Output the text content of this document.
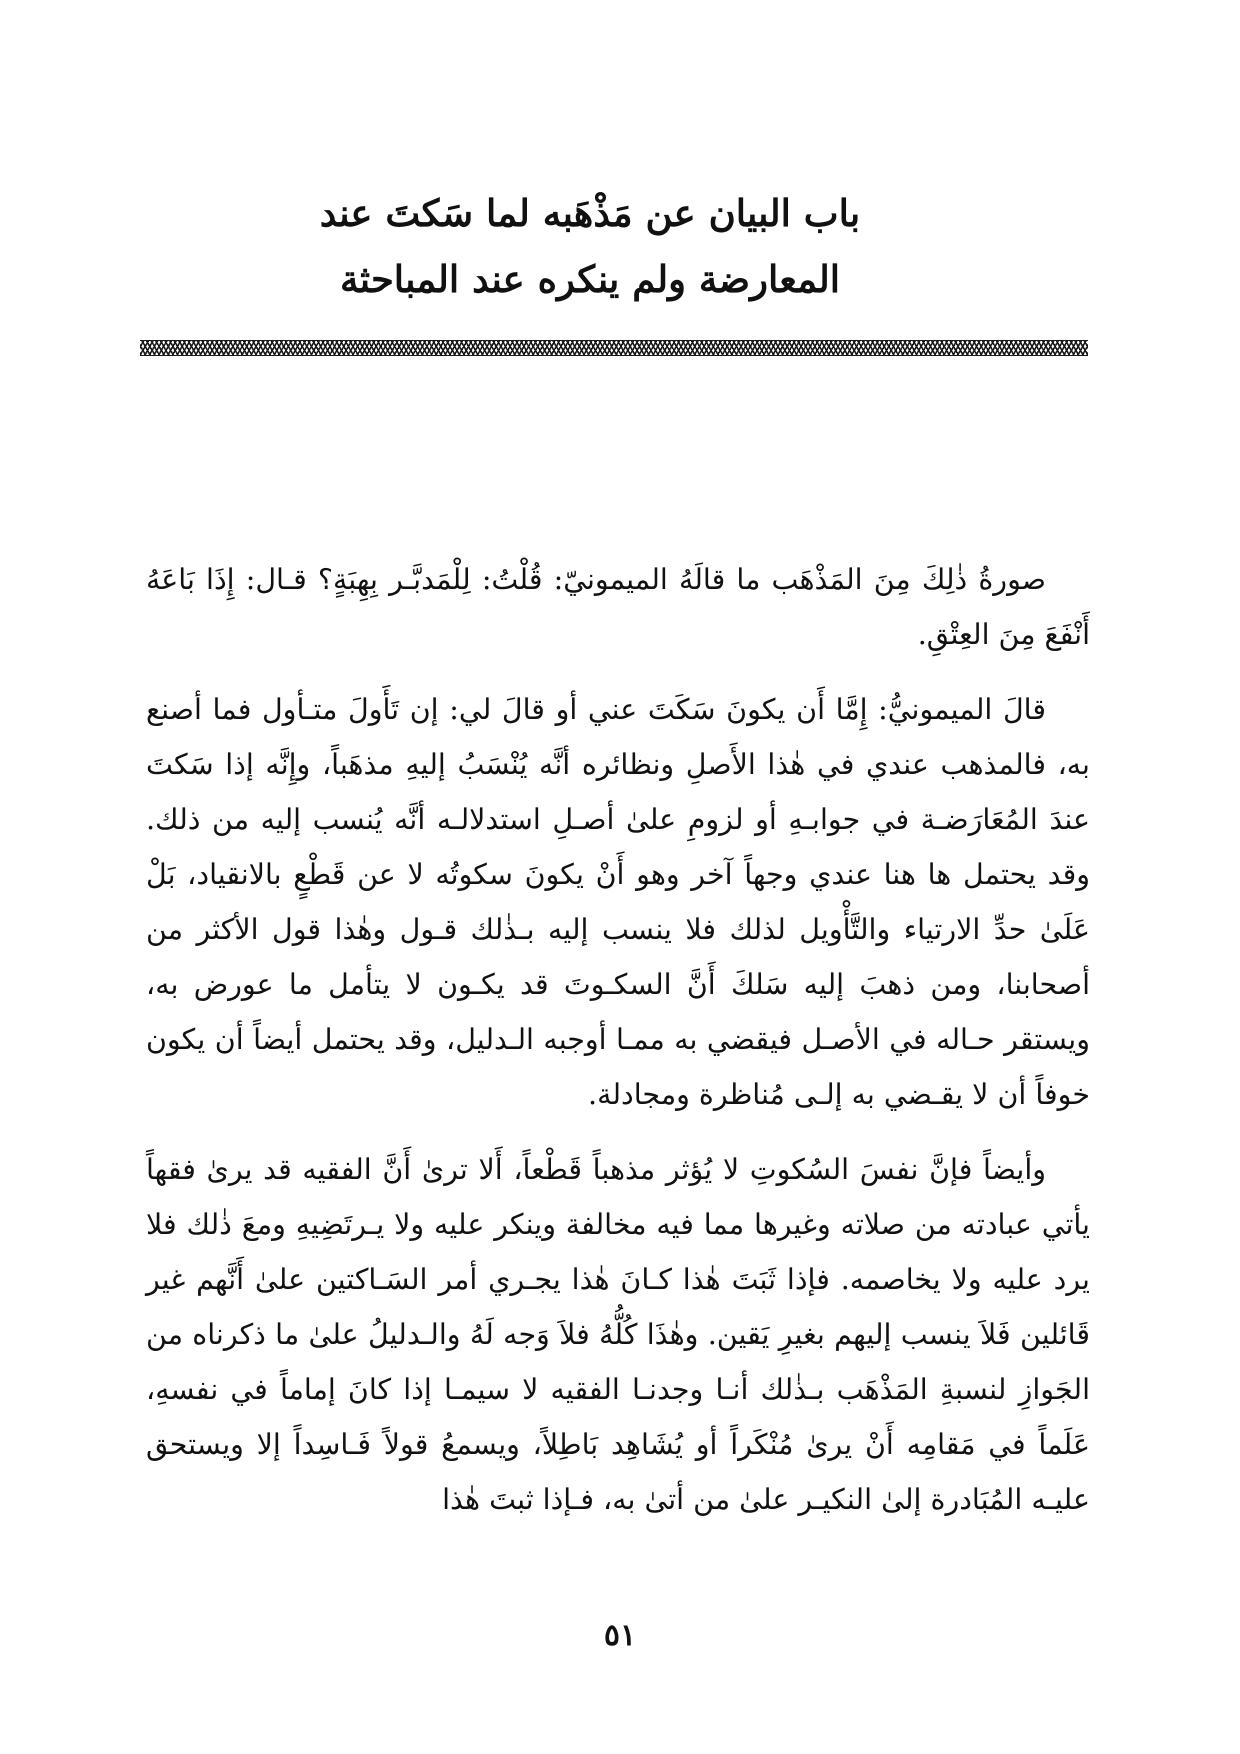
باب البيان عن مَذْهَبه لما سَكتَ عند
المعارضة ولم ينكره عند المباحثة

صورةُ ذٰلِكَ مِنَ المَذْهَب ما قالَهُ الميمونيّ: قُلْتُ: لِلْمَدبَّـر بِهِبَةٍ؟ قـال: إِذَا بَاعَهُ أَنْفَعَ مِنَ العِتْقِ.

قالَ الميمونيُّ: إِمَّا أَن يكونَ سَكَتَ عني أو قالَ لي: إن تَأَولَ متـأول فما أصنع به، فالمذهب عندي في هٰذا الأَصلِ ونظائره أنَّه يُنْسَبُ إليهِ مذهَباً، وإِنَّه إذا سَكتَ عندَ المُعَارَضـة في جوابـهِ أو لزومِ علىٰ أصـلِ استدلالـه أنَّه يُنسب إليه من ذلك. وقد يحتمل ها هنا عندي وجهاً آخر وهو أَنْ يكونَ سكوتُه لا عن قَطْعٍ بالانقياد، بَلْ عَلَىٰ حدِّ الارتياء والتَّأْويل لذلك فلا ينسب إليه بـذٰلك قـول وهٰذا قول الأكثر من أصحابنا، ومن ذهبَ إليه سَلكَ أَنَّ السكـوتَ قد يكـون لا يتأمل ما عورض به، ويستقر حـاله في الأصـل فيقضي به ممـا أوجبه الـدليل، وقد يحتمل أيضاً أن يكون خوفاً أن لا يقـضي به إلـى مُناظرة ومجادلة.

وأيضاً فإنَّ نفسَ السُكوتِ لا يُؤثر مذهباً قَطْعاً، أَلا ترىٰ أَنَّ الفقيه قد يرىٰ فقهاً يأتي عبادته من صلاته وغيرها مما فيه مخالفة وينكر عليه ولا يـرتَضِيهِ ومعَ ذٰلك فلا يرد عليه ولا يخاصمه. فإذا ثَبَتَ هٰذا كـانَ هٰذا يجـري أمر السَـاكتين علىٰ أَنَّهم غير قَائلين فَلاَ ينسب إليهم بغيرِ يَقين. وهٰذَا كُلُّهُ فلاَ وَجه لَهُ والـدليلُ علىٰ ما ذكرناه من الجَوازِ لنسبةِ المَذْهَب بـذٰلك أنـا وجدنـا الفقيه لا سيمـا إذا كانَ إماماً في نفسهِ، عَلَماً في مَقامِه أَنْ يرىٰ مُنْكَراً أو يُشَاهِد بَاطِلاً، ويسمعُ قولاً فَـاسِداً إلا ويستحق عليـه المُبَادرة إلىٰ النكيـر علىٰ من أتىٰ به، فـإذا ثبتَ هٰذا

٥١
